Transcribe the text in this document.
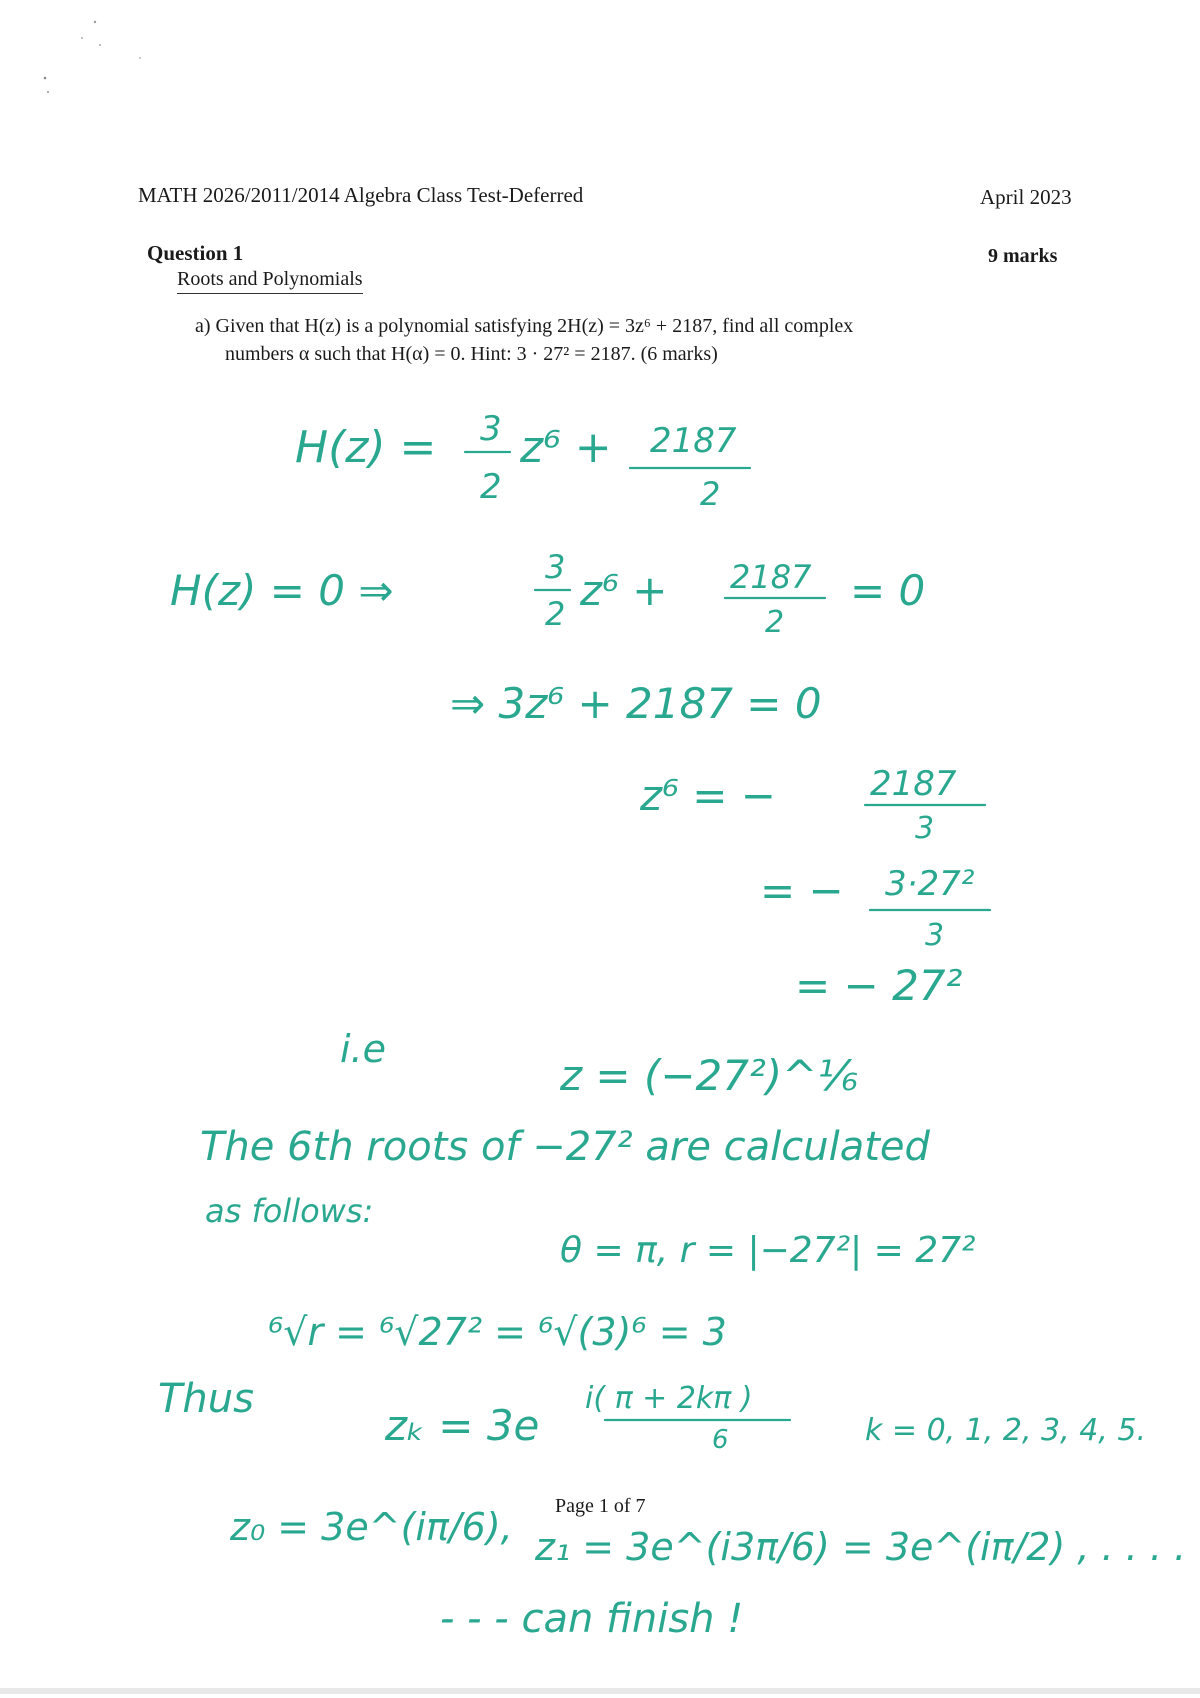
MATH 2026/2011/2014 Algebra Class Test-Deferred	April 2023
Question 1	9 marks
Roots and Polynomials
a) Given that H(z) is a polynomial satisfying 2H(z) = 3z⁶ + 2187, find all complex
numbers α such that H(α) = 0. Hint: 3 · 27² = 2187. (6 marks)
H(z) = 3
2
z⁶ + 2187
2
H(z) = 0 ⇒	3
2 z⁶ + 2187
2
= 0
⇒ 3z⁶ + 2187 = 0
z⁶ = −	2187
3
= − 3·27²
3
= − 27²
i.e
z = (−27²)^⅙
The 6th roots of −27² are calculated
as follows:
θ = π, r = |−27²| = 27²
⁶√r = ⁶√27² = ⁶√(3)⁶ = 3
Thus
zₖ = 3e
i( π + 2kπ )
6	k = 0, 1, 2, 3, 4, 5.
z₀ = 3e^(iπ/6), z₁ = 3e^(i3π/6) = 3e^(iπ/2) , . . . .
- - - can finish !
Page 1 of 7
